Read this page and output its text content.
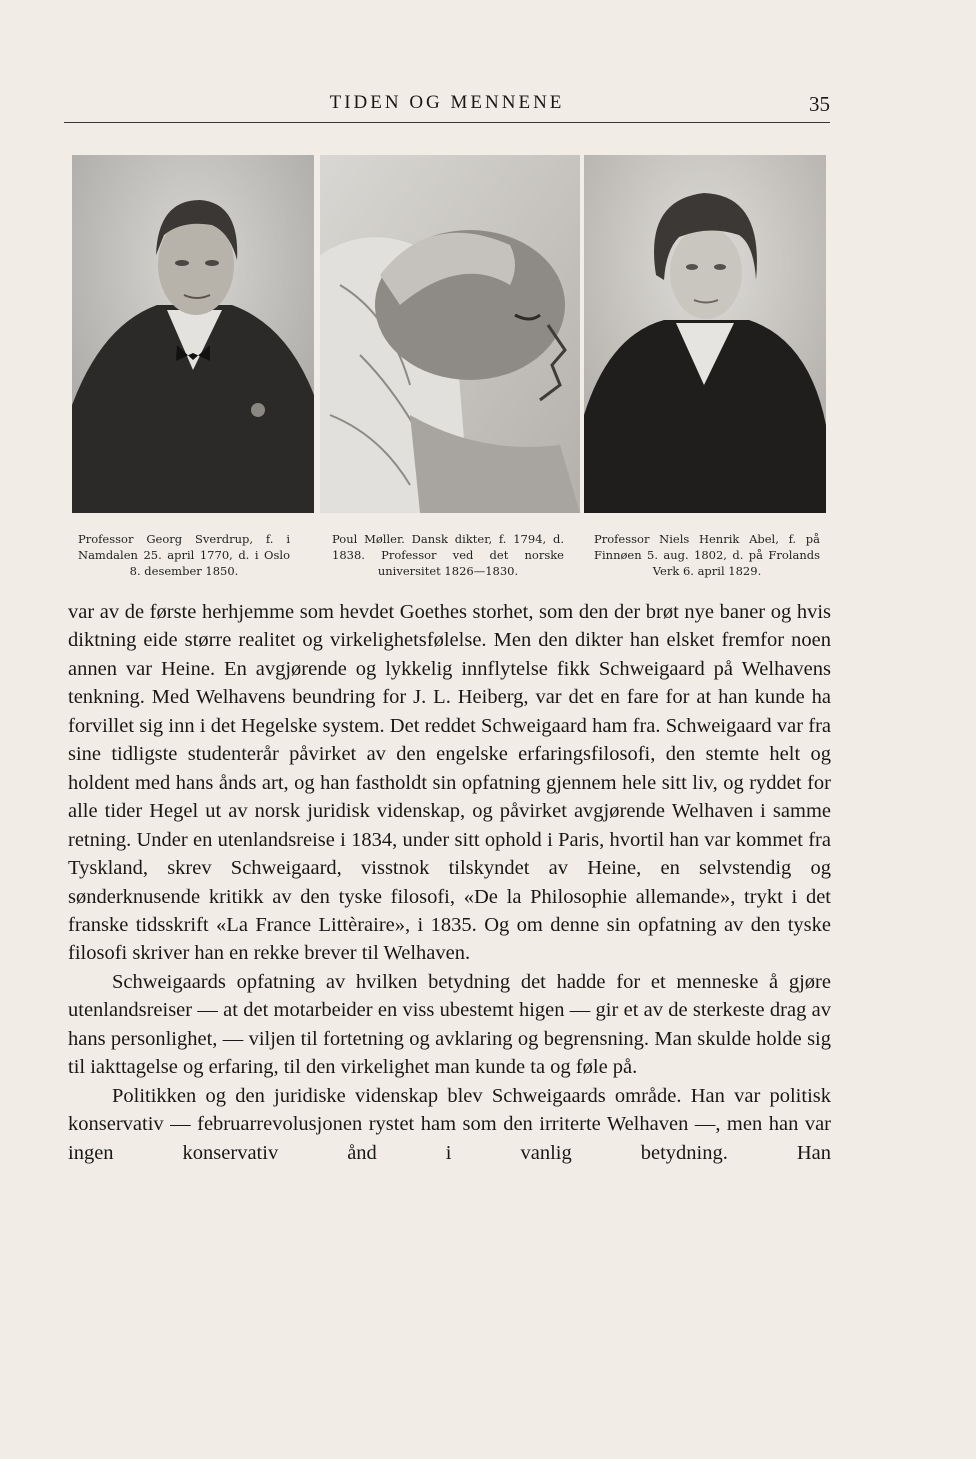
TIDEN OG MENNENE	35
Professor Georg Sverdrup, f. i Namdalen 25. april 1770, d. i Oslo 8. desember 1850.
Poul Møller. Dansk dikter, f. 1794, d. 1838. Professor ved det norske universitet 1826—1830.
Professor Niels Henrik Abel, f. på Finnøen 5. aug. 1802, d. på Frolands Verk 6. april 1829.

var av de første herhjemme som hevdet Goethes storhet, som den der brøt nye baner og hvis diktning eide større realitet og virkelighetsfølelse. Men den dikter han elsket fremfor noen annen var Heine. En avgjørende og lykkelig innflytelse fikk Schweigaard på Welhavens tenkning. Med Welhavens beundring for J. L. Heiberg, var det en fare for at han kunde ha forvillet sig inn i det Hegelske system. Det reddet Schweigaard ham fra. Schweigaard var fra sine tidligste studenterår påvirket av den engelske erfaringsfilosofi, den stemte helt og holdent med hans ånds art, og han fastholdt sin opfatning gjennem hele sitt liv, og ryddet for alle tider Hegel ut av norsk juridisk videnskap, og påvirket avgjørende Welhaven i samme retning. Under en utenlandsreise i 1834, under sitt ophold i Paris, hvortil han var kommet fra Tyskland, skrev Schweigaard, visstnok tilskyndet av Heine, en selvstendig og sønderknusende kritikk av den tyske filosofi, «De la Philosophie allemande», trykt i det franske tidsskrift «La France Littèraire», i 1835. Og om denne sin opfatning av den tyske filosofi skriver han en rekke brever til Welhaven.

Schweigaards opfatning av hvilken betydning det hadde for et menneske å gjøre utenlandsreiser — at det motarbeider en viss ubestemt higen — gir et av de sterkeste drag av hans personlighet, — viljen til fortetning og avklaring og begrensning. Man skulde holde sig til iakttagelse og erfaring, til den virkelighet man kunde ta og føle på.

Politikken og den juridiske videnskap blev Schweigaards område. Han var politisk konservativ — februarrevolusjonen rystet ham som den irriterte Welhaven —, men han var ingen konservativ ånd i vanlig betydning. Han
